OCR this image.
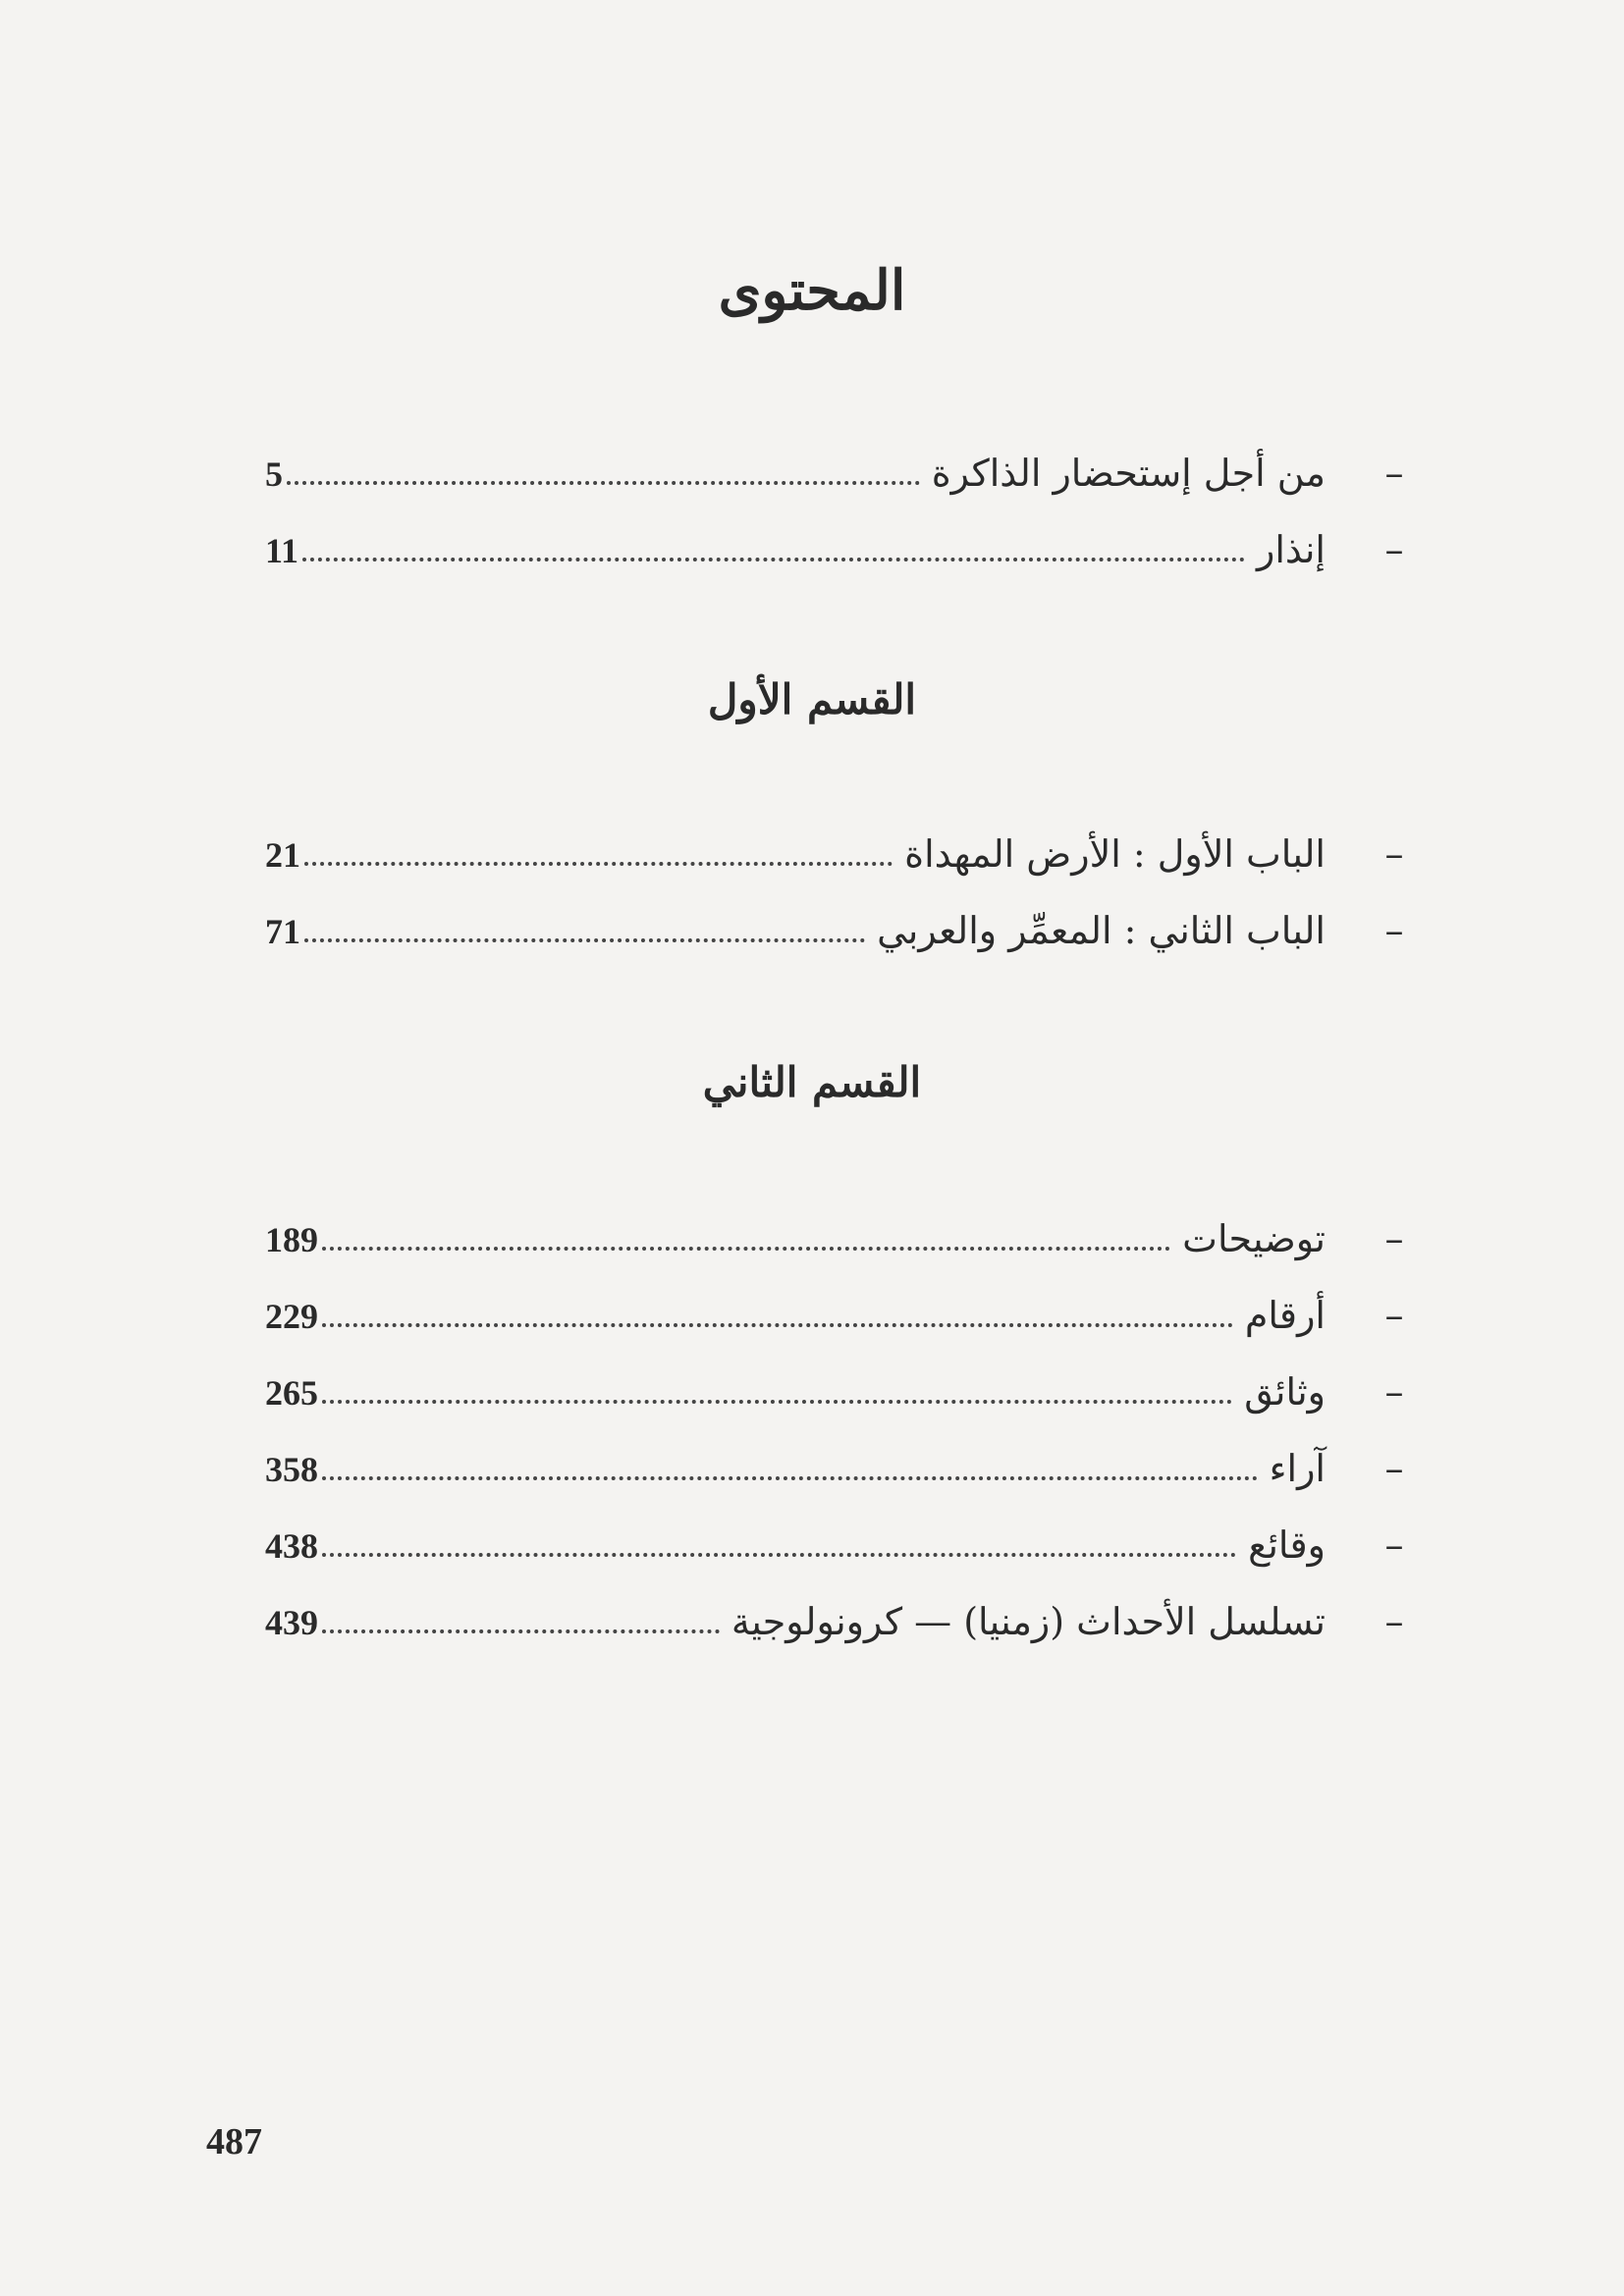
المحتوى
–
من أجل إستحضار الذاكرة
5
–
إنذار
11
القسم الأول
–
الباب الأول : الأرض المهداة
21
–
الباب الثاني : المعمِّر والعربي
71
القسم الثاني
–
توضيحات
189
–
أرقام
229
–
وثائق
265
–
آراء
358
–
وقائع
438
–
تسلسل الأحداث (زمنيا) — كرونولوجية
439
487
